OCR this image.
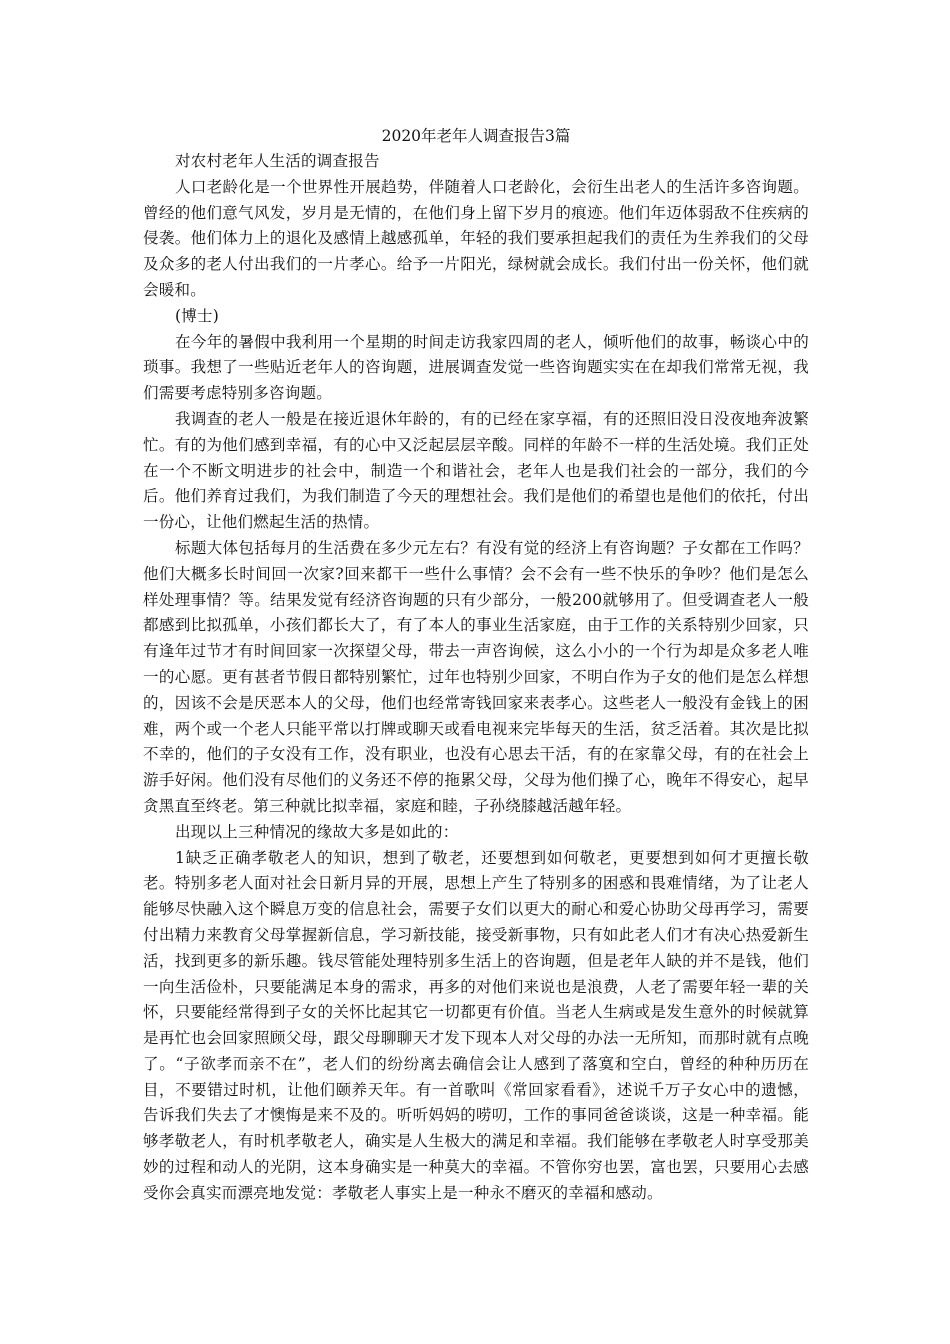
2020年老年人调查报告3篇

对农村老年人生活的调查报告

人口老龄化是一个世界性开展趋势，伴随着人口老龄化，会衍生出老人的生活许多咨询题。曾经的他们意气风发，岁月是无情的，在他们身上留下岁月的痕迹。他们年迈体弱敌不住疾病的侵袭。他们体力上的退化及感情上越感孤单，年轻的我们要承担起我们的责任为生养我们的父母及众多的老人付出我们的一片孝心。给予一片阳光，绿树就会成长。我们付出一份关怀，他们就会暖和。

(博士)

在今年的暑假中我利用一个星期的时间走访我家四周的老人，倾听他们的故事，畅谈心中的琐事。我想了一些贴近老年人的咨询题，进展调查发觉一些咨询题实实在在却我们常常无视，我们需要考虑特别多咨询题。

我调查的老人一般是在接近退休年龄的，有的已经在家享福，有的还照旧没日没夜地奔波繁忙。有的为他们感到幸福，有的心中又泛起层层辛酸。同样的年龄不一样的生活处境。我们正处在一个不断文明进步的社会中，制造一个和谐社会，老年人也是我们社会的一部分，我们的今后。他们养育过我们，为我们制造了今天的理想社会。我们是他们的希望也是他们的依托，付出一份心，让他们燃起生活的热情。

标题大体包括每月的生活费在多少元左右？有没有觉的经济上有咨询题？子女都在工作吗？他们大概多长时间回一次家?回来都干一些什么事情？会不会有一些不快乐的争吵？他们是怎么样处理事情？等。结果发觉有经济咨询题的只有少部分，一般200就够用了。但受调查老人一般都感到比拟孤单，小孩们都长大了，有了本人的事业生活家庭，由于工作的关系特别少回家，只有逢年过节才有时间回家一次探望父母，带去一声咨询候，这么小小的一个行为却是众多老人唯一的心愿。更有甚者节假日都特别繁忙，过年也特别少回家，不明白作为子女的他们是怎么样想的，因该不会是厌恶本人的父母，他们也经常寄钱回家来表孝心。这些老人一般没有金钱上的困难，两个或一个老人只能平常以打牌或聊天或看电视来完毕每天的生活，贫乏活着。其次是比拟不幸的，他们的子女没有工作，没有职业，也没有心思去干活，有的在家靠父母，有的在社会上游手好闲。他们没有尽他们的义务还不停的拖累父母，父母为他们操了心，晚年不得安心，起早贪黑直至终老。第三种就比拟幸福，家庭和睦，子孙绕膝越活越年轻。

出现以上三种情况的缘故大多是如此的：

1缺乏正确孝敬老人的知识，想到了敬老，还要想到如何敬老，更要想到如何才更擅长敬老。特别多老人面对社会日新月异的开展，思想上产生了特别多的困惑和畏难情绪，为了让老人能够尽快融入这个瞬息万变的信息社会，需要子女们以更大的耐心和爱心协助父母再学习，需要付出精力来教育父母掌握新信息，学习新技能，接受新事物，只有如此老人们才有决心热爱新生活，找到更多的新乐趣。钱尽管能处理特别多生活上的咨询题，但是老年人缺的并不是钱，他们一向生活俭朴，只要能满足本身的需求，再多的对他们来说也是浪费，人老了需要年轻一辈的关怀，只要能经常得到子女的关怀比起其它一切都更有价值。当老人生病或是发生意外的时候就算是再忙也会回家照顾父母，跟父母聊聊天才发下现本人对父母的办法一无所知，而那时就有点晚了。“子欲孝而亲不在”，老人们的纷纷离去确信会让人感到了落寞和空白，曾经的种种历历在目，不要错过时机，让他们颐养天年。有一首歌叫《常回家看看》，述说千万子女心中的遗憾，告诉我们失去了才懊悔是来不及的。听听妈妈的唠叨，工作的事同爸爸谈谈，这是一种幸福。能够孝敬老人，有时机孝敬老人，确实是人生极大的满足和幸福。我们能够在孝敬老人时享受那美妙的过程和动人的光阴，这本身确实是一种莫大的幸福。不管你穷也罢，富也罢，只要用心去感受你会真实而漂亮地发觉：孝敬老人事实上是一种永不磨灭的幸福和感动。
